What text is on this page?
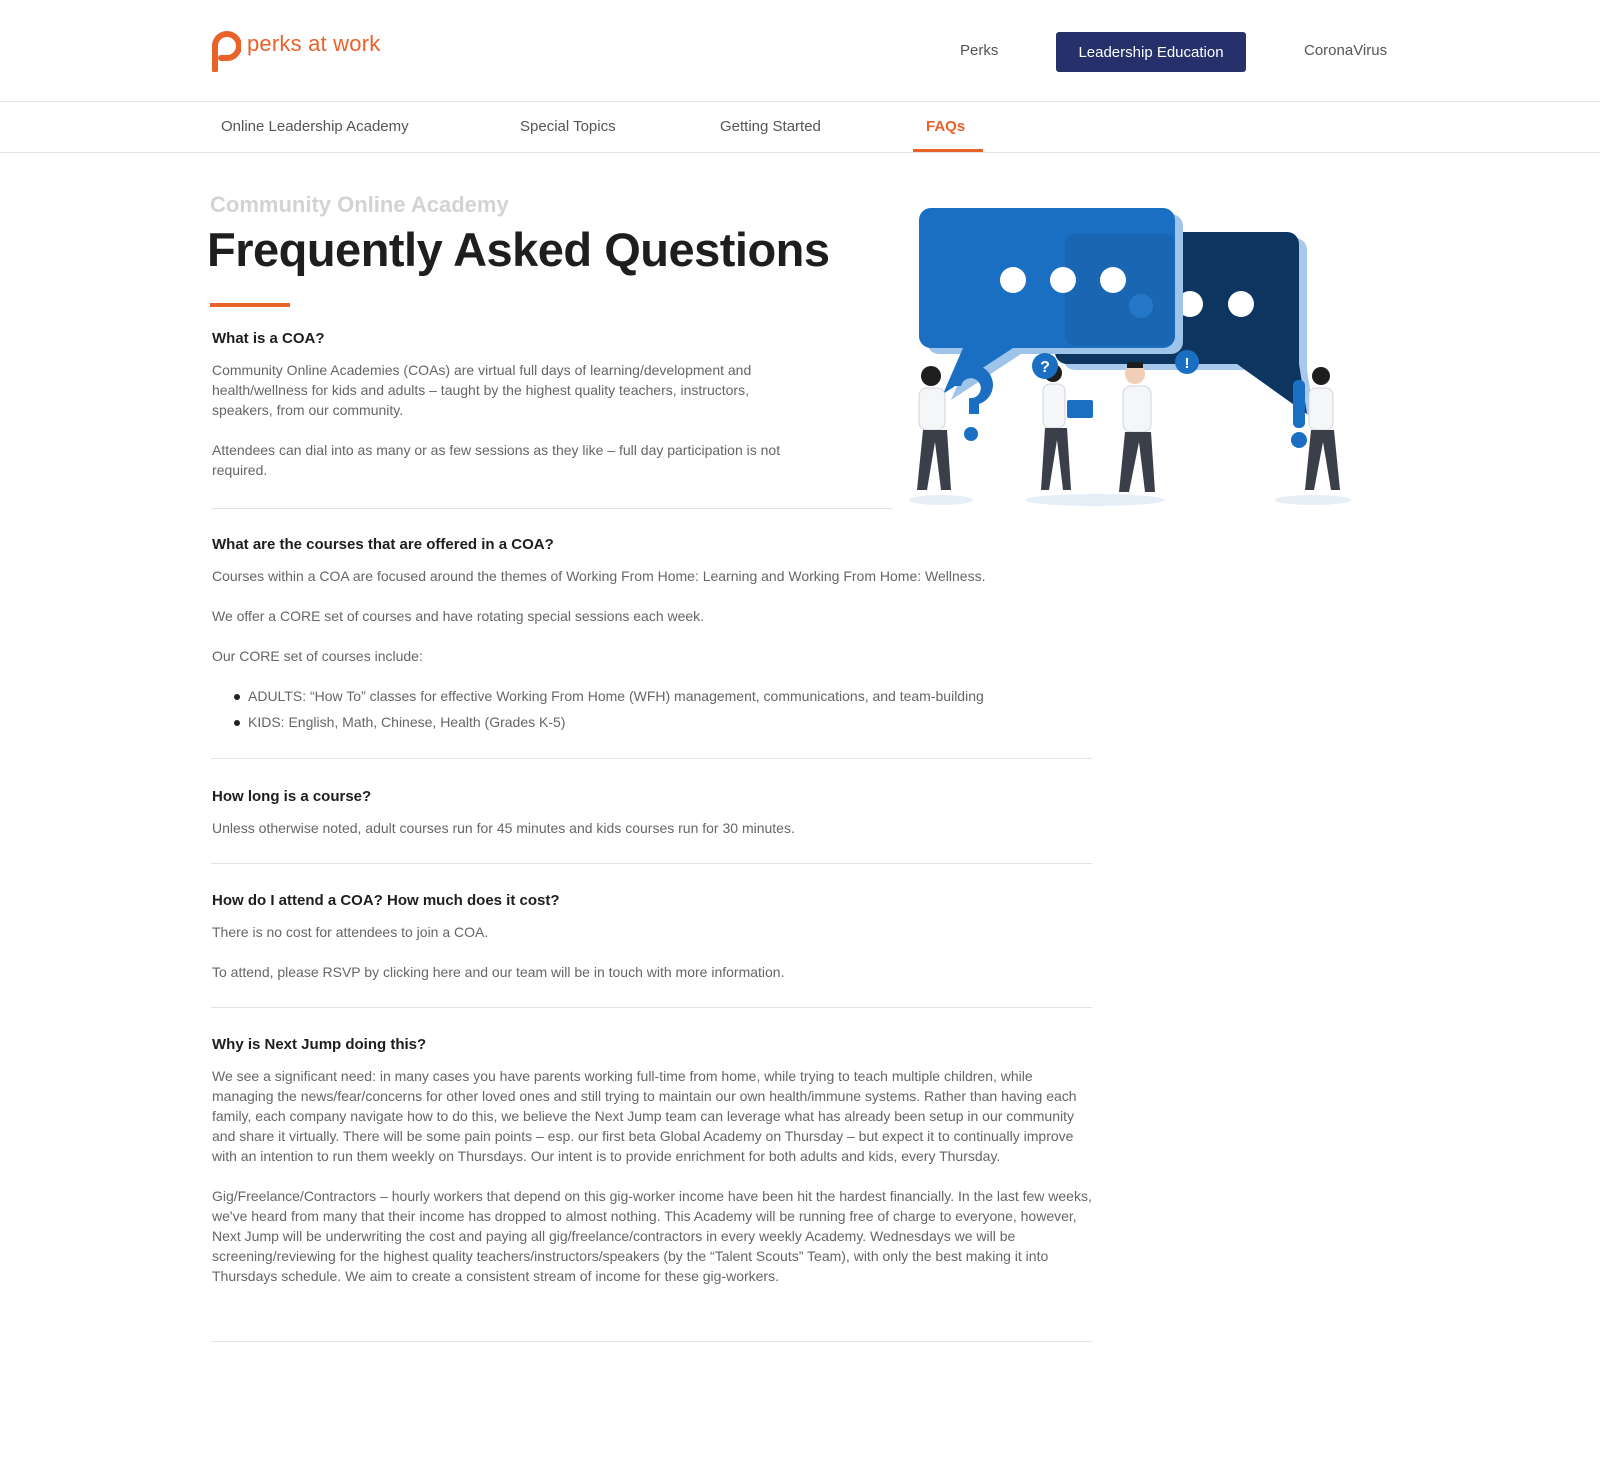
perks at work	Perks	Leadership Education	CoronaVirus
Online Leadership Academy	Special Topics	Getting Started	FAQs
Community Online Academy
Frequently Asked Questions
?	!
What is a COA?

Community Online Academies (COAs) are virtual full days of learning/development and health/wellness for kids and adults – taught by the highest quality teachers, instructors, speakers, from our community.

Attendees can dial into as many or as few sessions as they like – full day participation is not required.

What are the courses that are offered in a COA?

Courses within a COA are focused around the themes of Working From Home: Learning and Working From Home: Wellness.

We offer a CORE set of courses and have rotating special sessions each week.

Our CORE set of courses include:

ADULTS: “How To” classes for effective Working From Home (WFH) management, communications, and team-building
KIDS: English, Math, Chinese, Health (Grades K-5)
How long is a course?

Unless otherwise noted, adult courses run for 45 minutes and kids courses run for 30 minutes.

How do I attend a COA? How much does it cost?

There is no cost for attendees to join a COA.

To attend, please RSVP by clicking here and our team will be in touch with more information.

Why is Next Jump doing this?

We see a significant need: in many cases you have parents working full-time from home, while trying to teach multiple children, while managing the news/fear/concerns for other loved ones and still trying to maintain our own health/immune systems. Rather than having each family, each company navigate how to do this, we believe the Next Jump team can leverage what has already been setup in our community and share it virtually. There will be some pain points – esp. our first beta Global Academy on Thursday – but expect it to continually improve with an intention to run them weekly on Thursdays. Our intent is to provide enrichment for both adults and kids, every Thursday.

Gig/Freelance/Contractors – hourly workers that depend on this gig-worker income have been hit the hardest financially. In the last few weeks, we've heard from many that their income has dropped to almost nothing. This Academy will be running free of charge to everyone, however, Next Jump will be underwriting the cost and paying all gig/freelance/contractors in every weekly Academy. Wednesdays we will be screening/reviewing for the highest quality teachers/instructors/speakers (by the “Talent Scouts” Team), with only the best making it into Thursdays schedule. We aim to create a consistent stream of income for these gig-workers.
